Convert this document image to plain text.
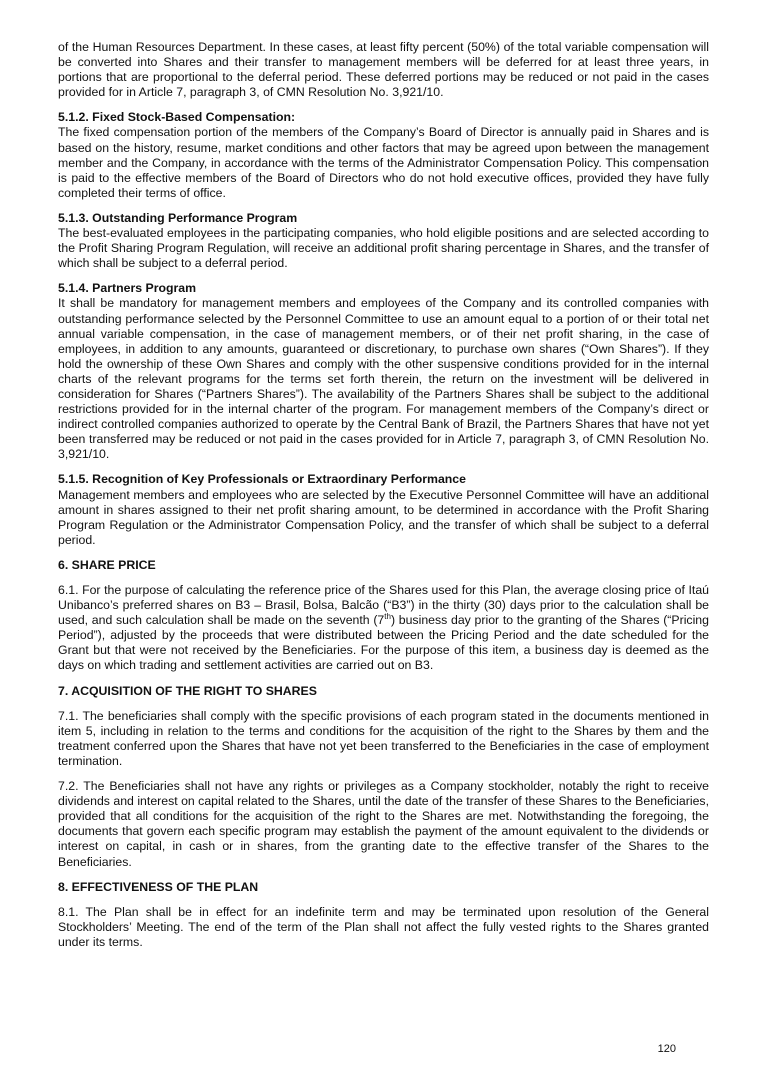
of the Human Resources Department. In these cases, at least fifty percent (50%) of the total variable compensation will be converted into Shares and their transfer to management members will be deferred for at least three years, in portions that are proportional to the deferral period. These deferred portions may be reduced or not paid in the cases provided for in Article 7, paragraph 3, of CMN Resolution No. 3,921/10.

5.1.2. Fixed Stock-Based Compensation:

The fixed compensation portion of the members of the Company’s Board of Director is annually paid in Shares and is based on the history, resume, market conditions and other factors that may be agreed upon between the management member and the Company, in accordance with the terms of the Administrator Compensation Policy. This compensation is paid to the effective members of the Board of Directors who do not hold executive offices, provided they have fully completed their terms of office.

5.1.3. Outstanding Performance Program

The best-evaluated employees in the participating companies, who hold eligible positions and are selected according to the Profit Sharing Program Regulation, will receive an additional profit sharing percentage in Shares, and the transfer of which shall be subject to a deferral period.

5.1.4. Partners Program

It shall be mandatory for management members and employees of the Company and its controlled companies with outstanding performance selected by the Personnel Committee to use an amount equal to a portion of or their total net annual variable compensation, in the case of management members, or of their net profit sharing, in the case of employees, in addition to any amounts, guaranteed or discretionary, to purchase own shares (“Own Shares”). If they hold the ownership of these Own Shares and comply with the other suspensive conditions provided for in the internal charts of the relevant programs for the terms set forth therein, the return on the investment will be delivered in consideration for Shares (“Partners Shares”). The availability of the Partners Shares shall be subject to the additional restrictions provided for in the internal charter of the program. For management members of the Company’s direct or indirect controlled companies authorized to operate by the Central Bank of Brazil, the Partners Shares that have not yet been transferred may be reduced or not paid in the cases provided for in Article 7, paragraph 3, of CMN Resolution No. 3,921/10.

5.1.5. Recognition of Key Professionals or Extraordinary Performance

Management members and employees who are selected by the Executive Personnel Committee will have an additional amount in shares assigned to their net profit sharing amount, to be determined in accordance with the Profit Sharing Program Regulation or the Administrator Compensation Policy, and the transfer of which shall be subject to a deferral period.

6. SHARE PRICE

6.1. For the purpose of calculating the reference price of the Shares used for this Plan, the average closing price of Itaú Unibanco’s preferred shares on B3 – Brasil, Bolsa, Balcão (“B3”) in the thirty (30) days prior to the calculation shall be used, and such calculation shall be made on the seventh (7th) business day prior to the granting of the Shares (“Pricing Period”), adjusted by the proceeds that were distributed between the Pricing Period and the date scheduled for the Grant but that were not received by the Beneficiaries. For the purpose of this item, a business day is deemed as the days on which trading and settlement activities are carried out on B3.

7. ACQUISITION OF THE RIGHT TO SHARES

7.1. The beneficiaries shall comply with the specific provisions of each program stated in the documents mentioned in item 5, including in relation to the terms and conditions for the acquisition of the right to the Shares by them and the treatment conferred upon the Shares that have not yet been transferred to the Beneficiaries in the case of employment termination.

7.2. The Beneficiaries shall not have any rights or privileges as a Company stockholder, notably the right to receive dividends and interest on capital related to the Shares, until the date of the transfer of these Shares to the Beneficiaries, provided that all conditions for the acquisition of the right to the Shares are met. Notwithstanding the foregoing, the documents that govern each specific program may establish the payment of the amount equivalent to the dividends or interest on capital, in cash or in shares, from the granting date to the effective transfer of the Shares to the Beneficiaries.

8. EFFECTIVENESS OF THE PLAN

8.1. The Plan shall be in effect for an indefinite term and may be terminated upon resolution of the General Stockholders’ Meeting. The end of the term of the Plan shall not affect the fully vested rights to the Shares granted under its terms.

120
